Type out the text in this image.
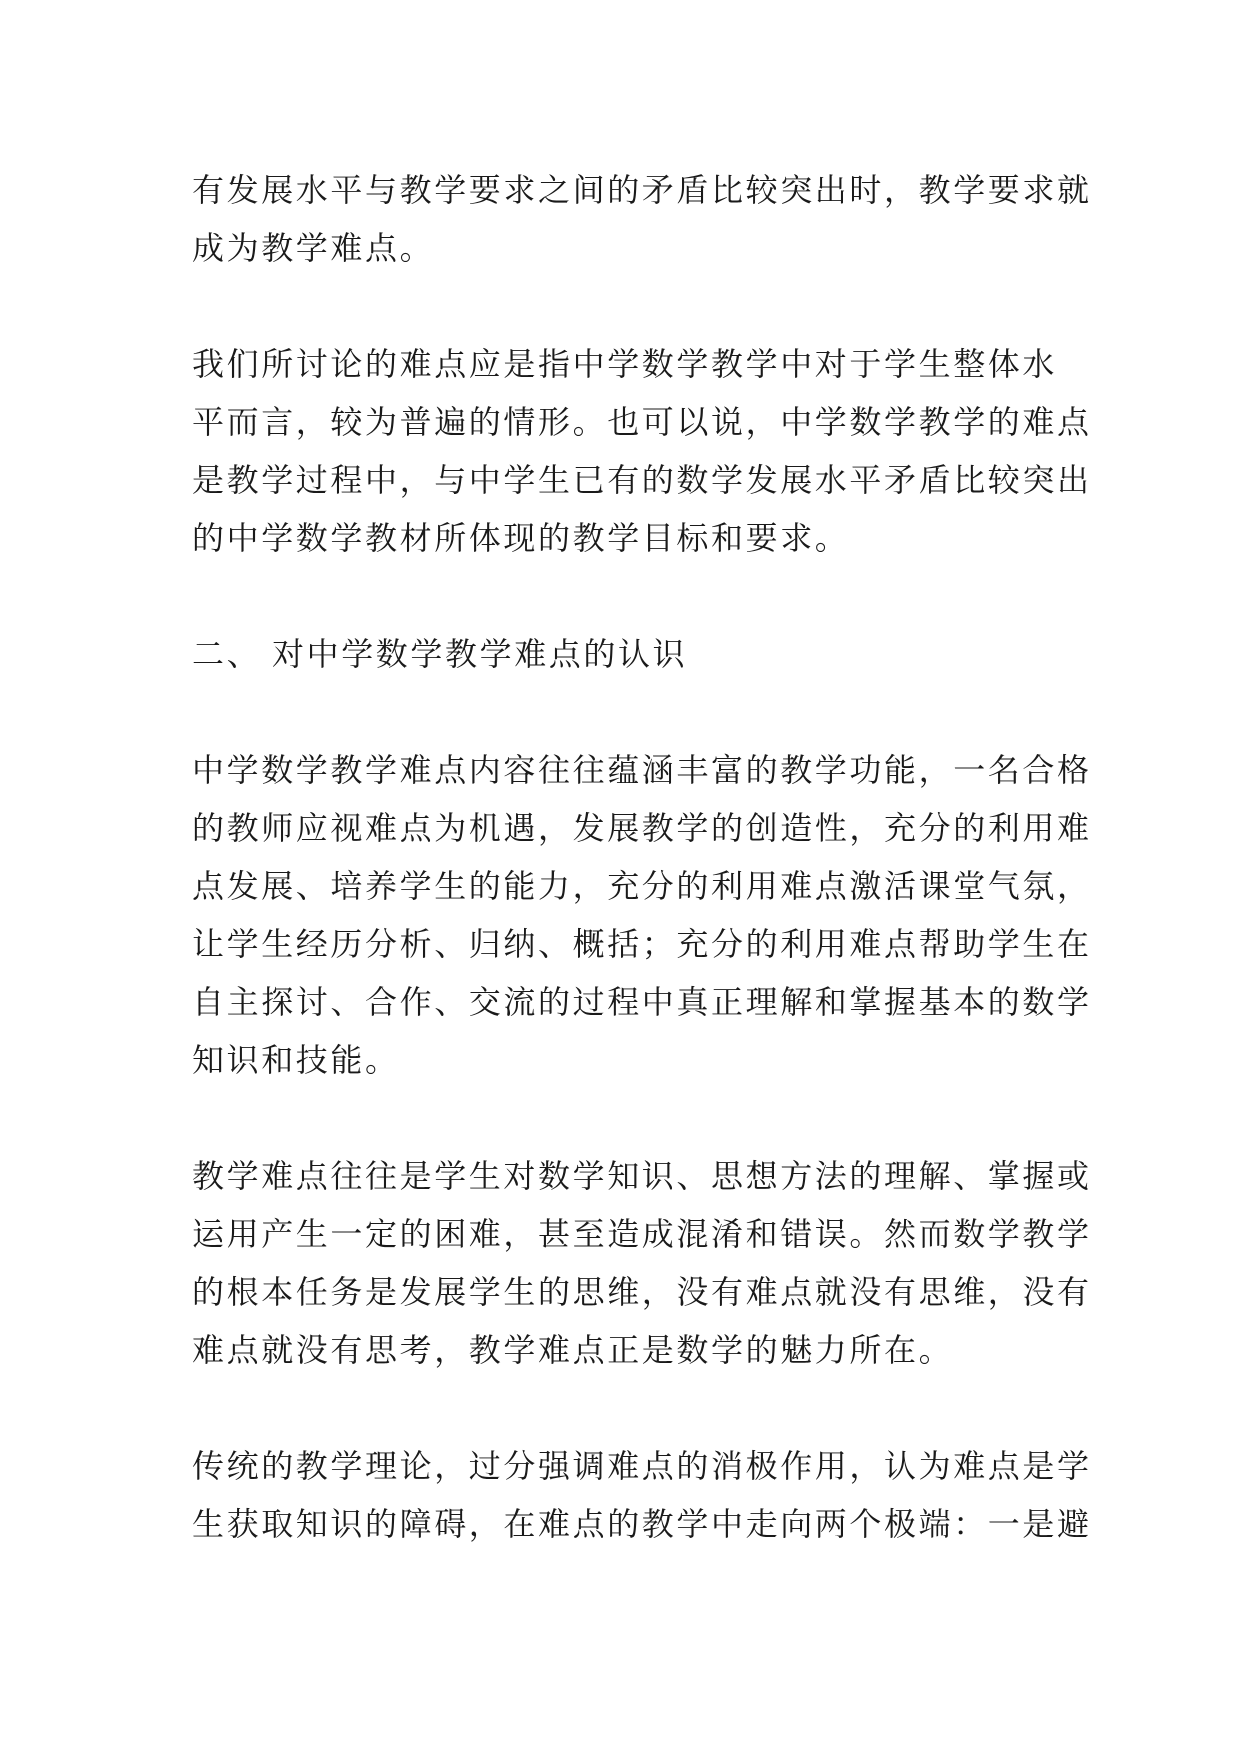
有发展水平与教学要求之间的矛盾比较突出时，教学要求就
成为教学难点。
我们所讨论的难点应是指中学数学教学中对于学生整体水
平而言，较为普遍的情形。也可以说，中学数学教学的难点
是教学过程中，与中学生已有的数学发展水平矛盾比较突出
的中学数学教材所体现的教学目标和要求。
二、 对中学数学教学难点的认识
中学数学教学难点内容往往蕴涵丰富的教学功能，一名合格
的教师应视难点为机遇，发展教学的创造性，充分的利用难
点发展、培养学生的能力，充分的利用难点激活课堂气氛，
让学生经历分析、归纳、概括；充分的利用难点帮助学生在
自主探讨、合作、交流的过程中真正理解和掌握基本的数学
知识和技能。
教学难点往往是学生对数学知识、思想方法的理解、掌握或
运用产生一定的困难，甚至造成混淆和错误。然而数学教学
的根本任务是发展学生的思维，没有难点就没有思维，没有
难点就没有思考，教学难点正是数学的魅力所在。
传统的教学理论，过分强调难点的消极作用，认为难点是学
生获取知识的障碍，在难点的教学中走向两个极端：一是避
